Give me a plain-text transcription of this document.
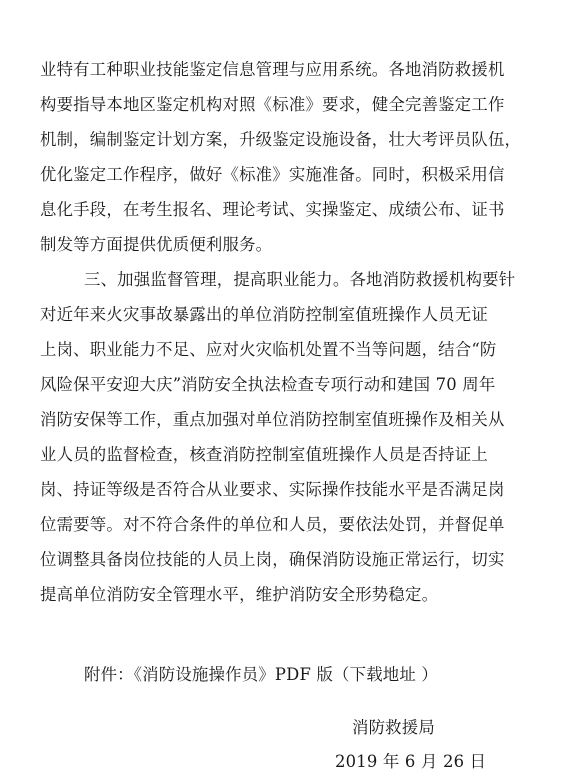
业特有工种职业技能鉴定信息管理与应用系统。各地消防救援机
构要指导本地区鉴定机构对照《标准》要求，健全完善鉴定工作
机制，编制鉴定计划方案，升级鉴定设施设备，壮大考评员队伍，
优化鉴定工作程序，做好《标准》实施准备。同时，积极采用信
息化手段，在考生报名、理论考试、实操鉴定、成绩公布、证书
制发等方面提供优质便利服务。
三、加强监督管理，提高职业能力。各地消防救援机构要针
对近年来火灾事故暴露出的单位消防控制室值班操作人员无证
上岗、职业能力不足、应对火灾临机处置不当等问题，结合“防
风险保平安迎大庆”消防安全执法检查专项行动和建国 70 周年
消防安保等工作，重点加强对单位消防控制室值班操作及相关从
业人员的监督检查，核查消防控制室值班操作人员是否持证上
岗、持证等级是否符合从业要求、实际操作技能水平是否满足岗
位需要等。对不符合条件的单位和人员，要依法处罚，并督促单
位调整具备岗位技能的人员上岗，确保消防设施正常运行，切实
提高单位消防安全管理水平，维护消防安全形势稳定。
附件：《消防设施操作员》PDF 版（下载地址 ）
消防救援局
2019 年 6 月 26 日
